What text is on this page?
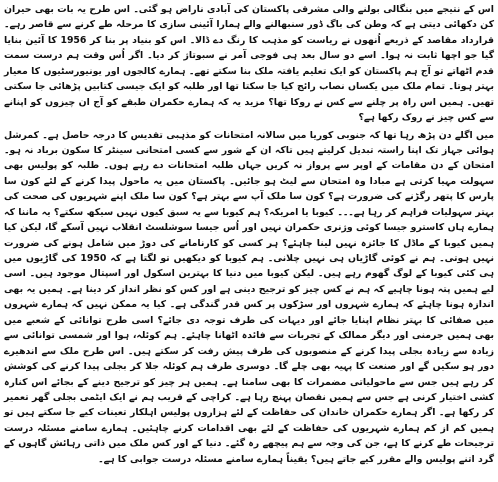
اس کے نتیجے میں بنگالی بولنے والی مشرقی پاکستان کی آبادی ناراض ہو گئی۔ اس طرح یہ بات بھی حیران کن دکھائی دیتی ہے کہ وطن کی باگ ڈور سنبھالنے والے ہمارا آئینی سازی کا مرحلہ طے کرنے سے قاصر رہے۔ قرارداد مقاصد کے ذریعے اُنھوں نے ریاست کو مذہب کا رنگ دے ڈالا۔ اس کو بنیاد پر بنا کر 1956 کا آئین بنایا گیا جو اچھا ثابت نہ ہوا۔ اسے دو سال بعد ہی فوجی آمر نے سبوتاژ کر دیا۔ اگر اُس وقت ہم درست سمت قدم اٹھاتے تو آج ہم پاکستان کو ایک تعلیم یافتہ ملک بنا سکتے تھے۔ ہمارے کالجوں اور یونیورسٹیوں کا معیار بہتر ہوتا۔ تمام ملک میں یکساں نصاب رائج کیا جا سکتا تھا اور طلبہ کو ایک جیسی کتابیں پڑھائی جا سکتی تھیں۔ ہمیں اس راہ پر چلنے سے کس نے روکا تھا؟ مزید یہ کہ ہمارے حکمران طبقے کو آج ان چیزوں کو اپنانے سے کس چیز نے روک رکھا ہے؟

میں اگلے دن پڑھ رہا تھا کہ جنوبی کوریا میں سالانہ امتحانات کو مذہبی تقدیس کا درجہ حاصل ہے۔ کمرشل ہوائی جہاز تک اپنا راستہ تبدیل کرلیتے ہیں تاکہ ان کے شور سے کسی امتحانی سینٹر کا سکون برباد نہ ہو۔ امتحان کے دن مقامات کے اوپر سے پرواز نہ کریں جہاں طلبہ امتحانات دے رہے ہوں۔ طلبہ کو پولیس بھی سہولت مہیا کرتی ہے مبادا وہ امتحان سے لیٹ ہو جائیں۔ پاکستان میں یہ ماحول پیدا کرنے کے لئے کون سا پارس کا پتھر رگڑنے کی ضرورت ہے؟ کون سا ملک آپ سے بہتر ہے؟ کون سا ملک اپنے شہریوں کی صحت کی بہتر سہولیات فراہم کر رہا ہے۔۔۔ کیوبا یا امریکہ؟ ہم کیوبا سے یہ سبق کیوں نہیں سیکھ سکتے؟ یہ ماننا کہ ہمارے ہاں کاسترو جیسا کوئی وژنری حکمران نہیں اور اُس جیسا سوشلسٹ انقلاب نہیں آسکے گا، لیکن کیا ہمیں کیوبا کے ماڈل کا جائزہ نہیں لینا چاہئے؟ ہر کسی کو کارنامانے کی دوڑ میں شامل ہونے کی ضرورت نہیں ہوتی۔ ہم نے کوئی گاڑیاں ہی نہیں چلانی۔ ہم کیوبا کو دیکھیں تو لگتا ہے کہ 1950 کی گاڑیوں میں ہی کئی کیوبا کے لوگ گھوم رہے ہیں۔ لیکن کیوبا میں دنیا کا بہترین اسکول اور اسپتال موجود ہیں۔ اسی لیے ہمیں پتہ ہونا چاہیے کہ ہم نے کس چیز کو ترجیح دینی ہے اور کس کو نظر انداز کر دینا ہے۔ ہمیں یہ بھی اندازہ ہونا چاہئے کہ ہمارے شہروں اور سڑکوں پر کس قدر گندگی ہے۔ کیا یہ ممکن نہیں کہ ہمارے شہروں میں صفائی کا بہتر نظام اپنایا جائے اور دیہات کی طرف توجہ دی جائے؟ اسی طرح توانائی کے شعبے میں بھی ہمیں جرمنی اور دیگر ممالک کے تجربات سے فائدہ اٹھانا چاہئے۔ ہم کوئلہ، ہوا اور شمسی توانائی سے زیادہ سے زیادہ بجلی پیدا کرنے کے منصوبوں کی طرف پیش رفت کر سکتے ہیں۔ اس طرح ملک سے اندھیرے دور ہو سکیں گے اور صنعت کا پہیہ بھی چلے گا۔ دوسری طرف ہم کوئلہ جلا کر بجلی پیدا کرنے کی کوشش کر رہے ہیں جس سے ماحولیاتی مضمرات کا بھی سامنا ہے۔ ہمیں ہر چیز کو ترجیح دینے کے بجائے اس کنارہ کشی اختیار کرنی ہے جس سے ہمیں نقصان پہنچ رہا ہے۔ کراچی کے قریب ہم نے ایک ایٹمی بجلی گھر تعمیر کر رکھا ہے۔ اگر ہمارے حکمران خاندان کی حفاظت کے لئے ہزاروں پولیس اہلکار تعینات کیے جا سکتے ہیں تو ہمیں کم از کم ہمارے شہریوں کی حفاظت کے لئے بھی اقدامات کرنے چاہئیں۔ ہمارے سامنے مسئلہ درست ترجیحات طے کرنے کا ہے، جن کی وجہ سے ہم پیچھے رہ گئے۔ دنیا کے اور کس ملک میں ذاتی رہائش گاہوں کے گرد اتنے پولیس والے مقرر کیے جاتے ہیں؟ یقیناً ہمارے سامنے مسئلہ درست جوابی کا ہے۔
